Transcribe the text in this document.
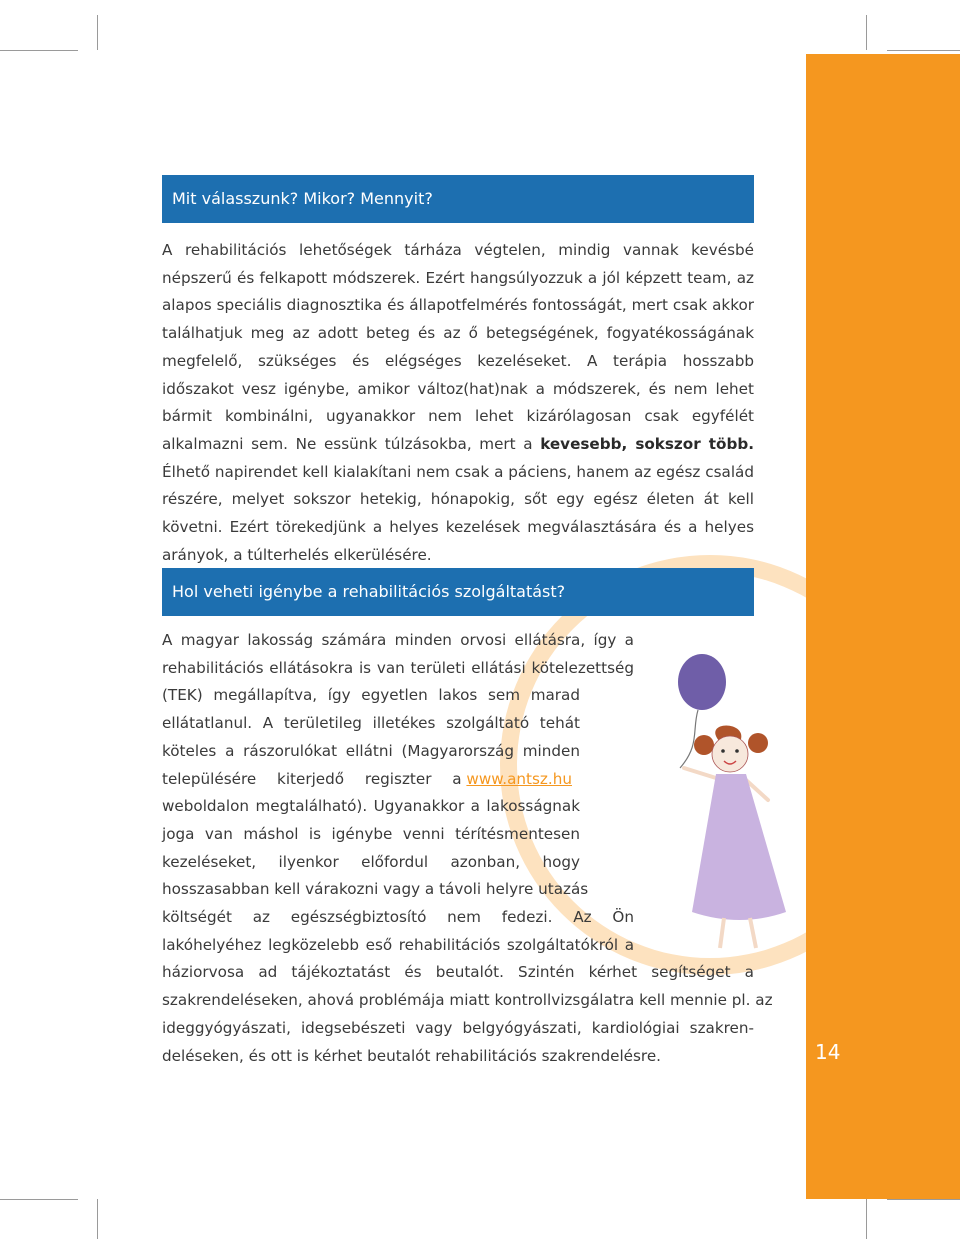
Mit válasszunk? Mikor? Mennyit?

A rehabilitációs lehetőségek tárháza végtelen, mindig vannak kevésbé népszerű és felkapott módszerek. Ezért hangsúlyozzuk a jól képzett team, az alapos speciális diagnosztika és állapotfelmérés fontosságát, mert csak akkor találhatjuk meg az adott beteg és az ő betegségének, fogyatékosságának megfelelő, szükséges és elégséges kezeléseket. A terápia hosszabb időszakot vesz igénybe, amikor változ(hat)nak a módszerek, és nem lehet bármit kombinálni, ugyanakkor nem lehet kizárólagosan csak egyfélét alkalmazni sem. Ne essünk túlzásokba, mert a kevesebb, sokszor több. Élhető napirendet kell kialakítani nem csak a páciens, hanem az egész család részére, melyet sokszor hetekig, hónapokig, sőt egy egész életen át kell követni. Ezért törekedjünk a helyes kezelések megválasztására és a helyes arányok, a túlterhelés elkerülésére.

Hol veheti igénybe a rehabilitációs szolgáltatást?
A magyar lakosság számára minden orvosi ellátásra, így a
rehabilitációs ellátásokra is van területi ellátási kötelezettség
(TEK) megállapítva, így egyetlen lakos sem marad
ellátatlanul. A területileg illetékes szolgáltató tehát
köteles a rászorulókat ellátni (Magyarország minden
településére kiterjedő regiszter a www.antsz.hu
weboldalon megtalálható). Ugyanakkor a lakosságnak
joga van máshol is igénybe venni térítésmentesen
kezeléseket, ilyenkor előfordul azonban, hogy
hosszasabban kell várakozni vagy a távoli helyre utazás
költségét az egészségbiztosító nem fedezi. Az Ön
lakóhelyéhez legközelebb eső rehabilitációs szolgáltatókról a
háziorvosa ad tájékoztatást és beutalót. Szintén kérhet segítséget a
szakrendeléseken, ahová problémája miatt kontrollvizsgálatra kell mennie pl. az
ideggyógyászati, idegsebészeti vagy belgyógyászati, kardiológiai szakren-
deléseken, és ott is kérhet beutalót rehabilitációs szakrendelésre.	14
